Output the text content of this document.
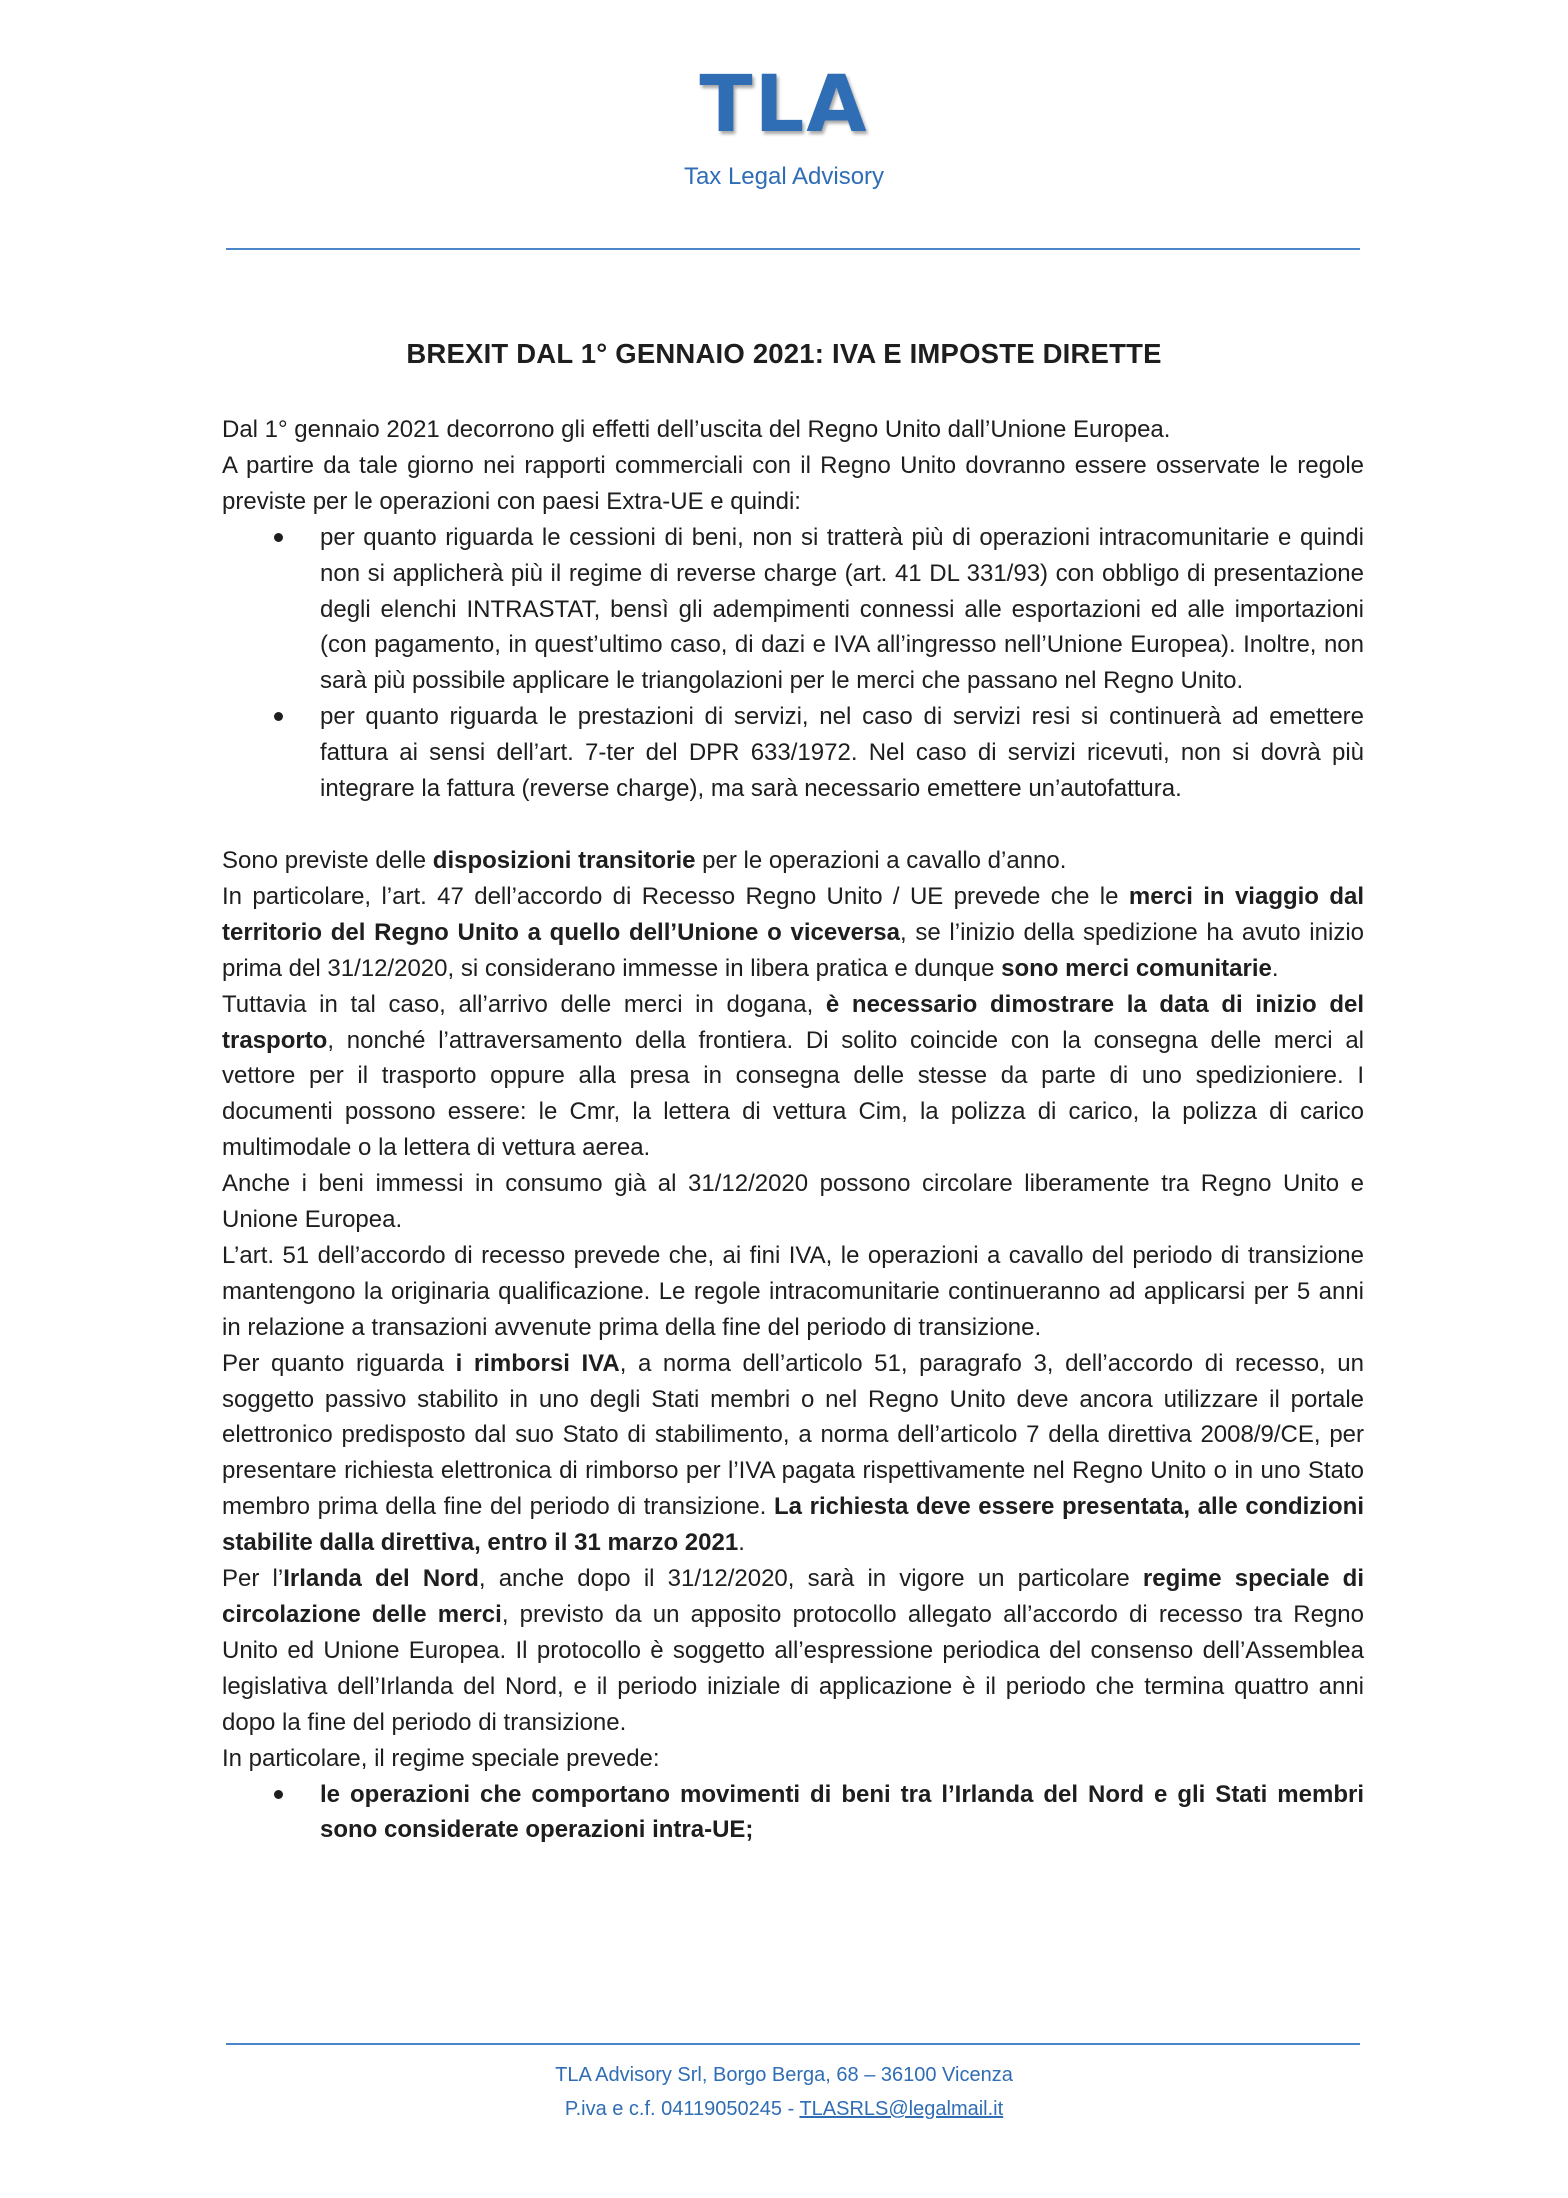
TLA
Tax Legal Advisory
BREXIT DAL 1° GENNAIO 2021: IVA E IMPOSTE DIRETTE

Dal 1° gennaio 2021 decorrono gli effetti dell’uscita del Regno Unito dall’Unione Europea.

A partire da tale giorno nei rapporti commerciali con il Regno Unito dovranno essere osservate le regole previste per le operazioni con paesi Extra-UE e quindi:

per quanto riguarda le cessioni di beni, non si tratterà più di operazioni intracomunitarie e quindi non si applicherà più il regime di reverse charge (art. 41 DL 331/93) con obbligo di presentazione degli elenchi INTRASTAT, bensì gli adempimenti connessi alle esportazioni ed alle importazioni (con pagamento, in quest’ultimo caso, di dazi e IVA all’ingresso nell’Unione Europea). Inoltre, non sarà più possibile applicare le triangolazioni per le merci che passano nel Regno Unito.
per quanto riguarda le prestazioni di servizi, nel caso di servizi resi si continuerà ad emettere fattura ai sensi dell’art. 7-ter del DPR 633/1972. Nel caso di servizi ricevuti, non si dovrà più integrare la fattura (reverse charge), ma sarà necessario emettere un’autofattura.

Sono previste delle disposizioni transitorie per le operazioni a cavallo d’anno.

In particolare, l’art. 47 dell’accordo di Recesso Regno Unito / UE prevede che le merci in viaggio dal territorio del Regno Unito a quello dell’Unione o viceversa, se l’inizio della spedizione ha avuto inizio prima del 31/12/2020, si considerano immesse in libera pratica e dunque sono merci comunitarie.

Tuttavia in tal caso, all’arrivo delle merci in dogana, è necessario dimostrare la data di inizio del trasporto, nonché l’attraversamento della frontiera. Di solito coincide con la consegna delle merci al vettore per il trasporto oppure alla presa in consegna delle stesse da parte di uno spedizioniere. I documenti possono essere: le Cmr, la lettera di vettura Cim, la polizza di carico, la polizza di carico multimodale o la lettera di vettura aerea.

Anche i beni immessi in consumo già al 31/12/2020 possono circolare liberamente tra Regno Unito e Unione Europea.

L’art. 51 dell’accordo di recesso prevede che, ai fini IVA, le operazioni a cavallo del periodo di transizione mantengono la originaria qualificazione. Le regole intracomunitarie continueranno ad applicarsi per 5 anni in relazione a transazioni avvenute prima della fine del periodo di transizione.

Per quanto riguarda i rimborsi IVA, a norma dell’articolo 51, paragrafo 3, dell’accordo di recesso, un soggetto passivo stabilito in uno degli Stati membri o nel Regno Unito deve ancora utilizzare il portale elettronico predisposto dal suo Stato di stabilimento, a norma dell’articolo 7 della direttiva 2008/9/CE, per presentare richiesta elettronica di rimborso per l’IVA pagata rispettivamente nel Regno Unito o in uno Stato membro prima della fine del periodo di transizione. La richiesta deve essere presentata, alle condizioni stabilite dalla direttiva, entro il 31 marzo 2021.

Per l’Irlanda del Nord, anche dopo il 31/12/2020, sarà in vigore un particolare regime speciale di circolazione delle merci, previsto da un apposito protocollo allegato all’accordo di recesso tra Regno Unito ed Unione Europea. Il protocollo è soggetto all’espressione periodica del consenso dell’Assemblea legislativa dell’Irlanda del Nord, e il periodo iniziale di applicazione è il periodo che termina quattro anni dopo la fine del periodo di transizione.

In particolare, il regime speciale prevede:

le operazioni che comportano movimenti di beni tra l’Irlanda del Nord e gli Stati membri sono considerate operazioni intra-UE;
TLA Advisory Srl, Borgo Berga, 68 – 36100 Vicenza
P.iva e c.f. 04119050245 - TLASRLS@legalmail.it
